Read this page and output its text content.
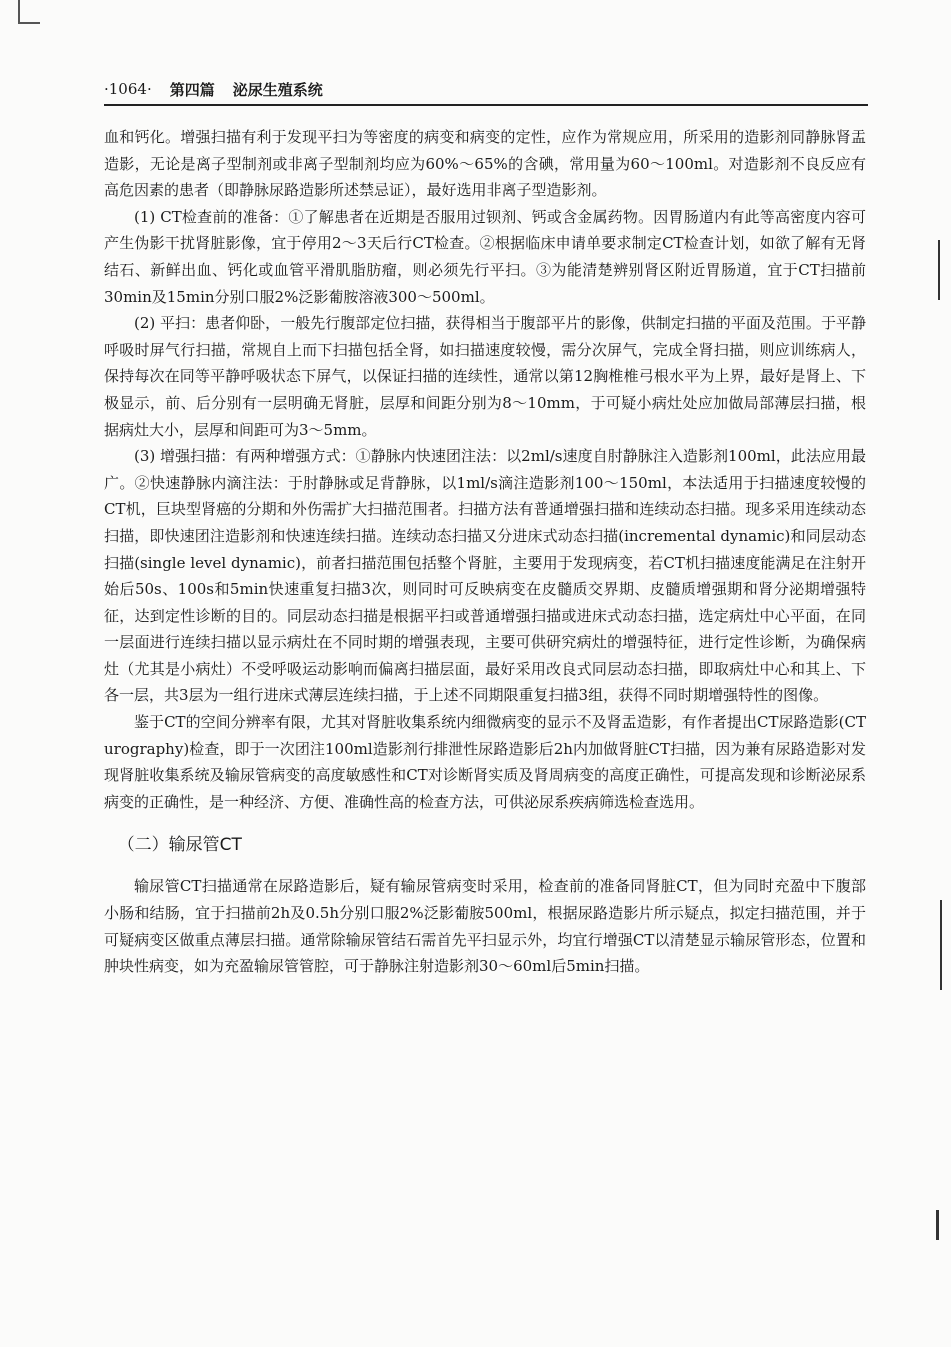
·1064· 第四篇 泌尿生殖系统

血和钙化。增强扫描有利于发现平扫为等密度的病变和病变的定性，应作为常规应用，所采用的造影剂同静脉肾盂造影，无论是离子型制剂或非离子型制剂均应为60%～65%的含碘，常用量为60～100ml。对造影剂不良反应有高危因素的患者（即静脉尿路造影所述禁忌证），最好选用非离子型造影剂。

(1) CT检查前的准备：①了解患者在近期是否服用过钡剂、钙或含金属药物。因胃肠道内有此等高密度内容可产生伪影干扰肾脏影像，宜于停用2～3天后行CT检查。②根据临床申请单要求制定CT检查计划，如欲了解有无肾结石、新鲜出血、钙化或血管平滑肌脂肪瘤，则必须先行平扫。③为能清楚辨别肾区附近胃肠道，宜于CT扫描前30min及15min分别口服2%泛影葡胺溶液300～500ml。

(2) 平扫：患者仰卧，一般先行腹部定位扫描，获得相当于腹部平片的影像，供制定扫描的平面及范围。于平静呼吸时屏气行扫描，常规自上而下扫描包括全肾，如扫描速度较慢，需分次屏气，完成全肾扫描，则应训练病人，保持每次在同等平静呼吸状态下屏气，以保证扫描的连续性，通常以第12胸椎椎弓根水平为上界，最好是肾上、下极显示，前、后分别有一层明确无肾脏，层厚和间距分别为8～10mm，于可疑小病灶处应加做局部薄层扫描，根据病灶大小，层厚和间距可为3～5mm。

(3) 增强扫描：有两种增强方式：①静脉内快速团注法：以2ml/s速度自肘静脉注入造影剂100ml，此法应用最广。②快速静脉内滴注法：于肘静脉或足背静脉，以1ml/s滴注造影剂100～150ml，本法适用于扫描速度较慢的CT机，巨块型肾癌的分期和外伤需扩大扫描范围者。扫描方法有普通增强扫描和连续动态扫描。现多采用连续动态扫描，即快速团注造影剂和快速连续扫描。连续动态扫描又分进床式动态扫描(incremental dynamic)和同层动态扫描(single level dynamic)，前者扫描范围包括整个肾脏，主要用于发现病变，若CT机扫描速度能满足在注射开始后50s、100s和5min快速重复扫描3次，则同时可反映病变在皮髓质交界期、皮髓质增强期和肾分泌期增强特征，达到定性诊断的目的。同层动态扫描是根据平扫或普通增强扫描或进床式动态扫描，选定病灶中心平面，在同一层面进行连续扫描以显示病灶在不同时期的增强表现，主要可供研究病灶的增强特征，进行定性诊断，为确保病灶（尤其是小病灶）不受呼吸运动影响而偏离扫描层面，最好采用改良式同层动态扫描，即取病灶中心和其上、下各一层，共3层为一组行进床式薄层连续扫描，于上述不同期限重复扫描3组，获得不同时期增强特性的图像。

鉴于CT的空间分辨率有限，尤其对肾脏收集系统内细微病变的显示不及肾盂造影，有作者提出CT尿路造影(CT urography)检查，即于一次团注100ml造影剂行排泄性尿路造影后2h内加做肾脏CT扫描，因为兼有尿路造影对发现肾脏收集系统及输尿管病变的高度敏感性和CT对诊断肾实质及肾周病变的高度正确性，可提高发现和诊断泌尿系病变的正确性，是一种经济、方便、准确性高的检查方法，可供泌尿系疾病筛选检查选用。

（二）输尿管CT

输尿管CT扫描通常在尿路造影后，疑有输尿管病变时采用，检查前的准备同肾脏CT，但为同时充盈中下腹部小肠和结肠，宜于扫描前2h及0.5h分别口服2%泛影葡胺500ml，根据尿路造影片所示疑点，拟定扫描范围，并于可疑病变区做重点薄层扫描。通常除输尿管结石需首先平扫显示外，均宜行增强CT以清楚显示输尿管形态，位置和肿块性病变，如为充盈输尿管管腔，可于静脉注射造影剂30～60ml后5min扫描。
